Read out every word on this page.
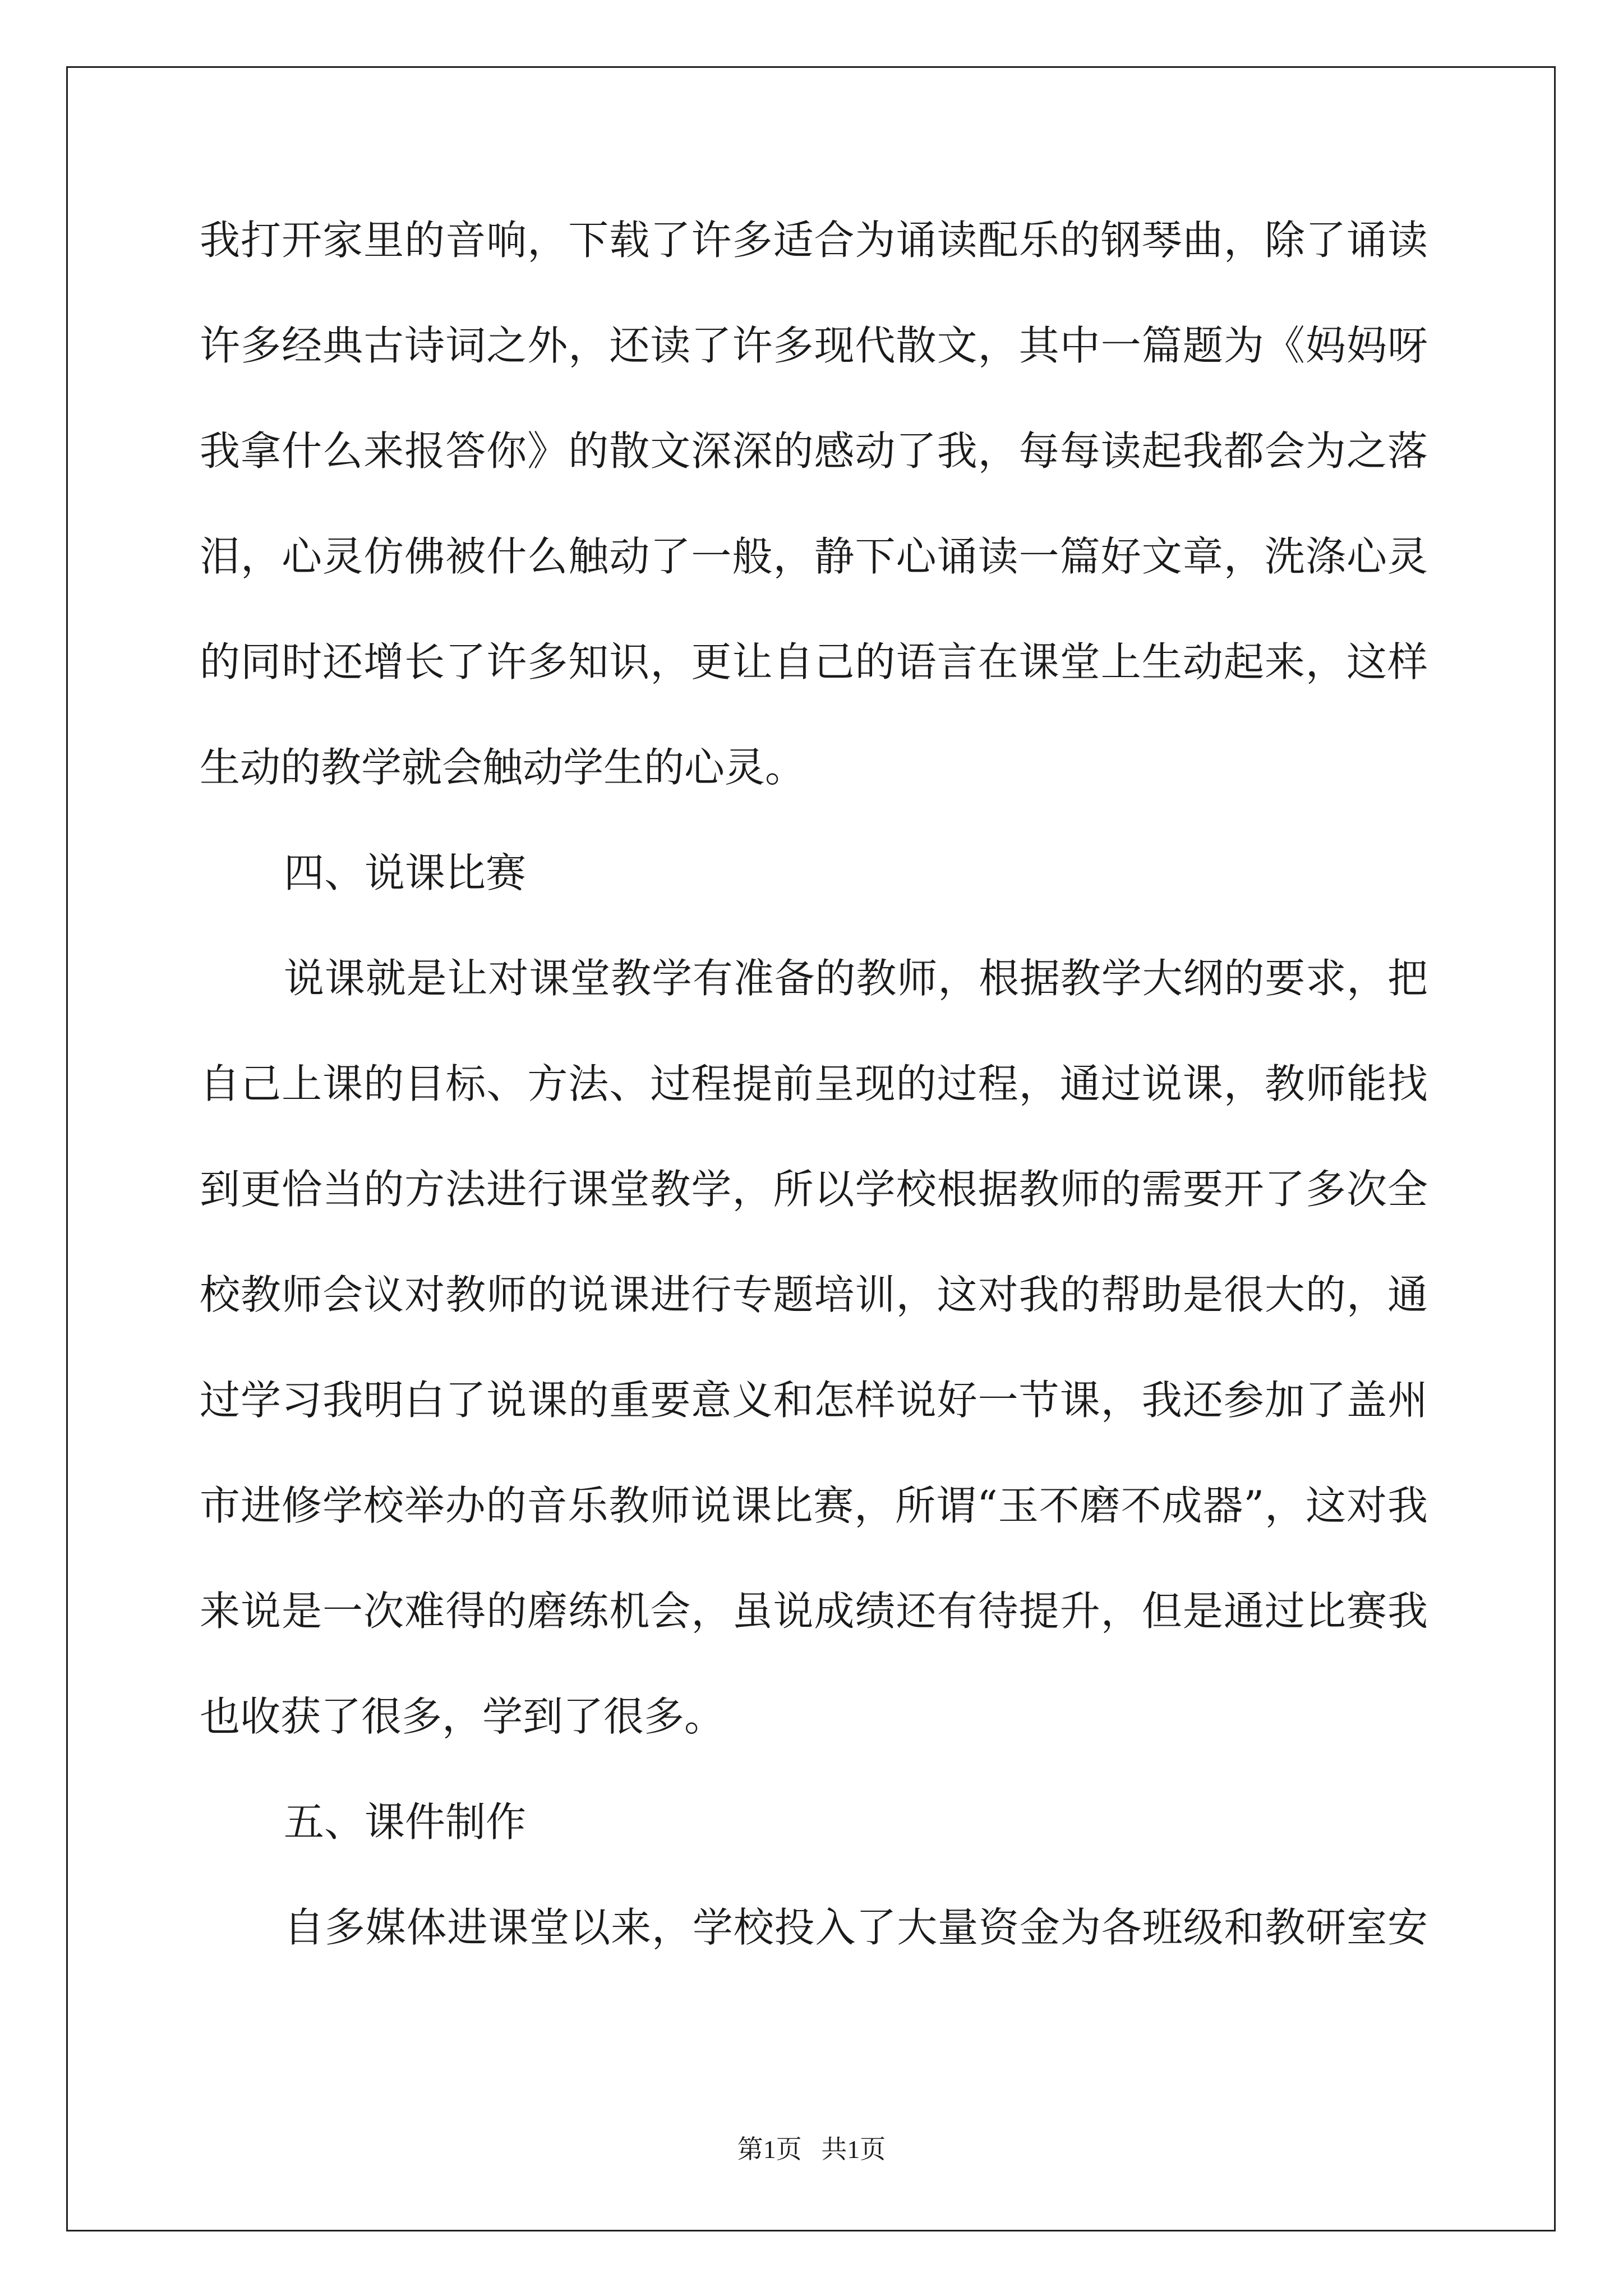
我打开家里的音响，下载了许多适合为诵读配乐的钢琴曲，除了诵读
许多经典古诗词之外，还读了许多现代散文，其中一篇题为《妈妈呀
我拿什么来报答你》的散文深深的感动了我，每每读起我都会为之落
泪，心灵仿佛被什么触动了一般，静下心诵读一篇好文章，洗涤心灵
的同时还增长了许多知识，更让自己的语言在课堂上生动起来，这样
生动的教学就会触动学生的心灵。
四、说课比赛
说课就是让对课堂教学有准备的教师，根据教学大纲的要求，把
自己上课的目标、方法、过程提前呈现的过程，通过说课，教师能找
到更恰当的方法进行课堂教学，所以学校根据教师的需要开了多次全
校教师会议对教师的说课进行专题培训，这对我的帮助是很大的，通
过学习我明白了说课的重要意义和怎样说好一节课，我还参加了盖州
市进修学校举办的音乐教师说课比赛，所谓“玉不磨不成器”，这对我
来说是一次难得的磨练机会，虽说成绩还有待提升，但是通过比赛我
也收获了很多，学到了很多。
五、课件制作
自多媒体进课堂以来，学校投入了大量资金为各班级和教研室安
第1页 共1页
